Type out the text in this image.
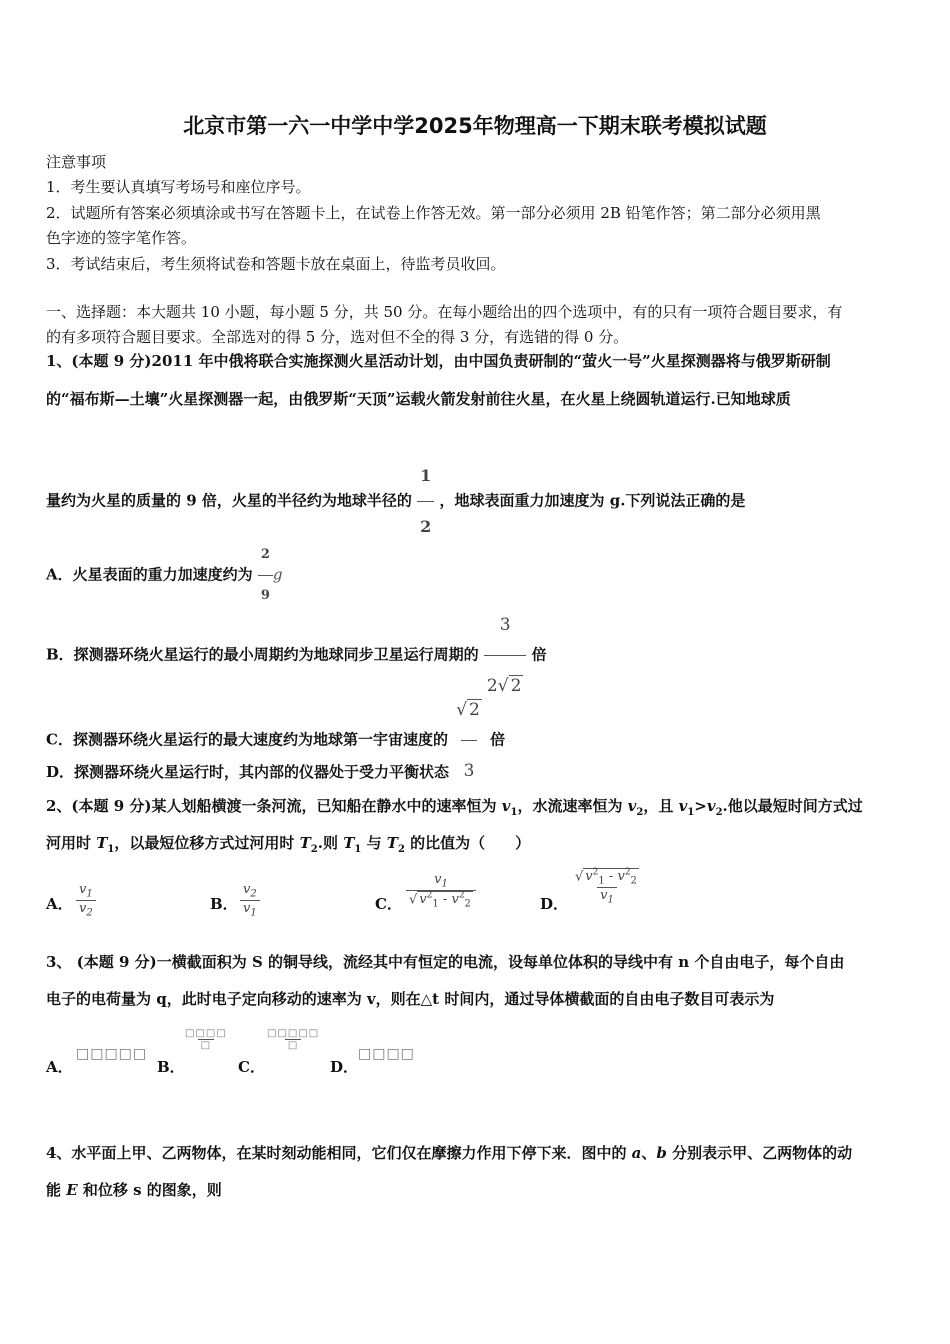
北京市第一六一中学中学2025年物理高一下期末联考模拟试题
注意事项
1．考生要认真填写考场号和座位序号。
2．试题所有答案必须填涂或书写在答题卡上，在试卷上作答无效。第一部分必须用 2B 铅笔作答；第二部分必须用黑
色字迹的签字笔作答。
3．考试结束后，考生须将试卷和答题卡放在桌面上，待监考员收回。
一、选择题：本大题共 10 小题，每小题 5 分，共 50 分。在每小题给出的四个选项中，有的只有一项符合题目要求，有
的有多项符合题目要求。全部选对的得 5 分，选对但不全的得 3 分，有选错的得 0 分。
1、(本题 9 分)2011 年中俄将联合实施探测火星活动计划，由中国负责研制的“萤火一号”火星探测器将与俄罗斯研制
的“福布斯—土壤”火星探测器一起，由俄罗斯“天顶”运载火箭发射前往火星，在火星上绕圆轨道运行.已知地球质
量约为火星的质量的 9 倍，火星的半径约为地球半径的 $\frac{1}{2}$ ，地球表面重力加速度为 g.下列说法正确的是
A．火星表面的重力加速度约为 $\frac{2}{9}$ g
B．探测器环绕火星运行的最小周期约为地球同步卫星运行周期的 $\frac{3}{2√ 2}$ 倍
C．探测器环绕火星运行的最大速度约为地球第一宇宙速度的 $\frac{√ 2}{3}$ 倍
D．探测器环绕火星运行时，其内部的仪器处于受力平衡状态
2、(本题 9 分)某人划船横渡一条河流，已知船在静水中的速率恒为 $v_1$，水流速率恒为 $v_2$，且 $v_1>v_2$.他以最短时间方式过
河用时 $T_1$，以最短位移方式过河用时 $T_2$.则 $T_1$ 与 $T_2$ 的比值为（　　）
A． $\frac{v_1}{v_2}$	B． $\frac{v_2}{v_1}$	C． $\frac{v_1}{√ v^2_1 - v^2_2}$	D． $\frac{√ v^2_1 - v^2_2}{v_1}$
3、 (本题 9 分)一横截面积为 S 的铜导线，流经其中有恒定的电流，设每单位体积的导线中有 n 个自由电子，每个自由
电子的电荷量为 q，此时电子定向移动的速率为 v，则在△t 时间内，通过导体横截面的自由电子数目可表示为
A．
□□□□□
B．
□□□□
□
C．
□□□□□
□
D．
□□□□
4、水平面上甲、乙两物体，在某时刻动能相同，它们仅在摩擦力作用下停下来．图中的 a、b 分别表示甲、乙两物体的动
能 E 和位移 s 的图象，则
